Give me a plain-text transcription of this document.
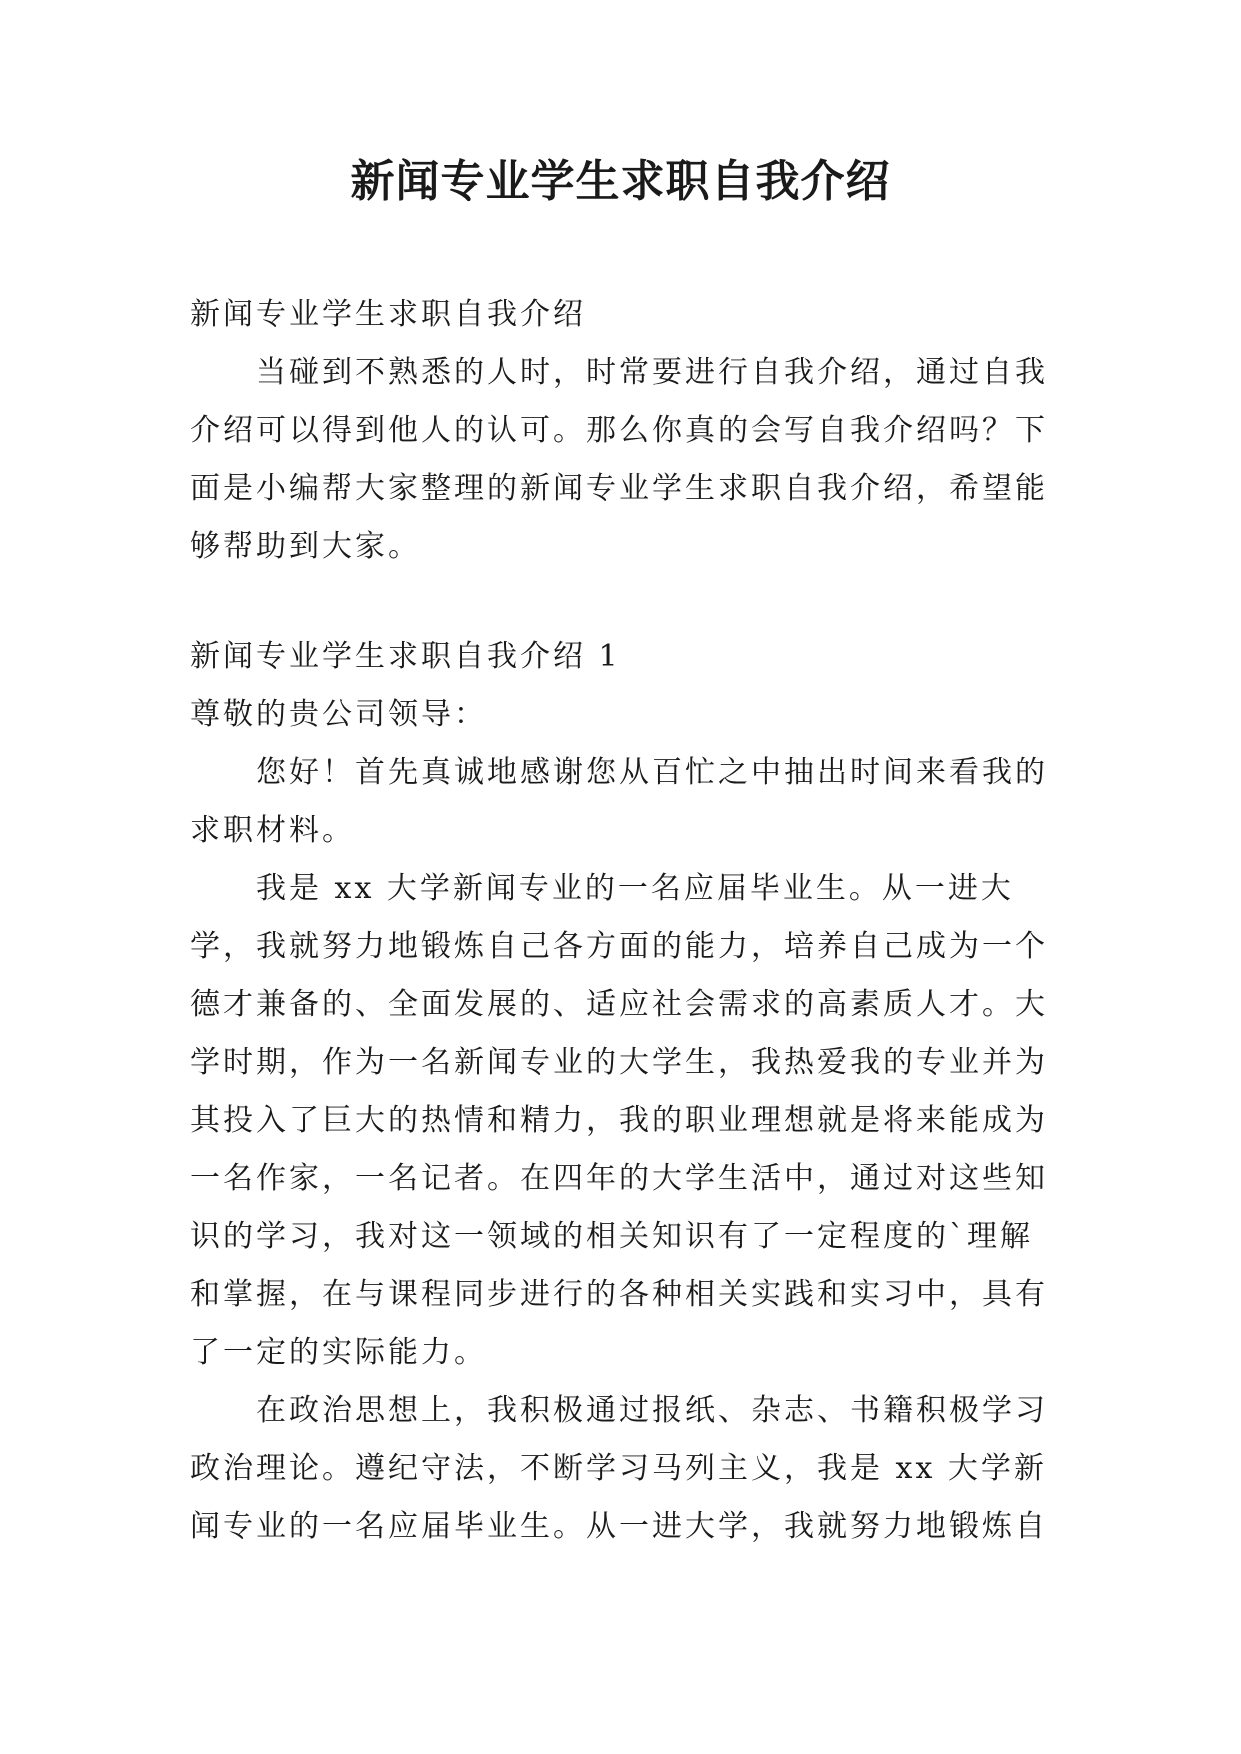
新闻专业学生求职自我介绍

新闻专业学生求职自我介绍

当碰到不熟悉的人时，时常要进行自我介绍，通过自我介绍可以得到他人的认可。那么你真的会写自我介绍吗？下面是小编帮大家整理的新闻专业学生求职自我介绍，希望能够帮助到大家。

新闻专业学生求职自我介绍 1

尊敬的贵公司领导：

您好！首先真诚地感谢您从百忙之中抽出时间来看我的求职材料。

我是 xx 大学新闻专业的一名应届毕业生。从一进大学，我就努力地锻炼自己各方面的能力，培养自己成为一个德才兼备的、全面发展的、适应社会需求的高素质人才。大学时期，作为一名新闻专业的大学生，我热爱我的专业并为其投入了巨大的热情和精力，我的职业理想就是将来能成为一名作家，一名记者。在四年的大学生活中，通过对这些知识的学习，我对这一领域的相关知识有了一定程度的`理解和掌握，在与课程同步进行的各种相关实践和实习中，具有了一定的实际能力。

在政治思想上，我积极通过报纸、杂志、书籍积极学习政治理论。遵纪守法，不断学习马列主义，我是 xx 大学新闻专业的一名应届毕业生。从一进大学，我就努力地锻炼自
